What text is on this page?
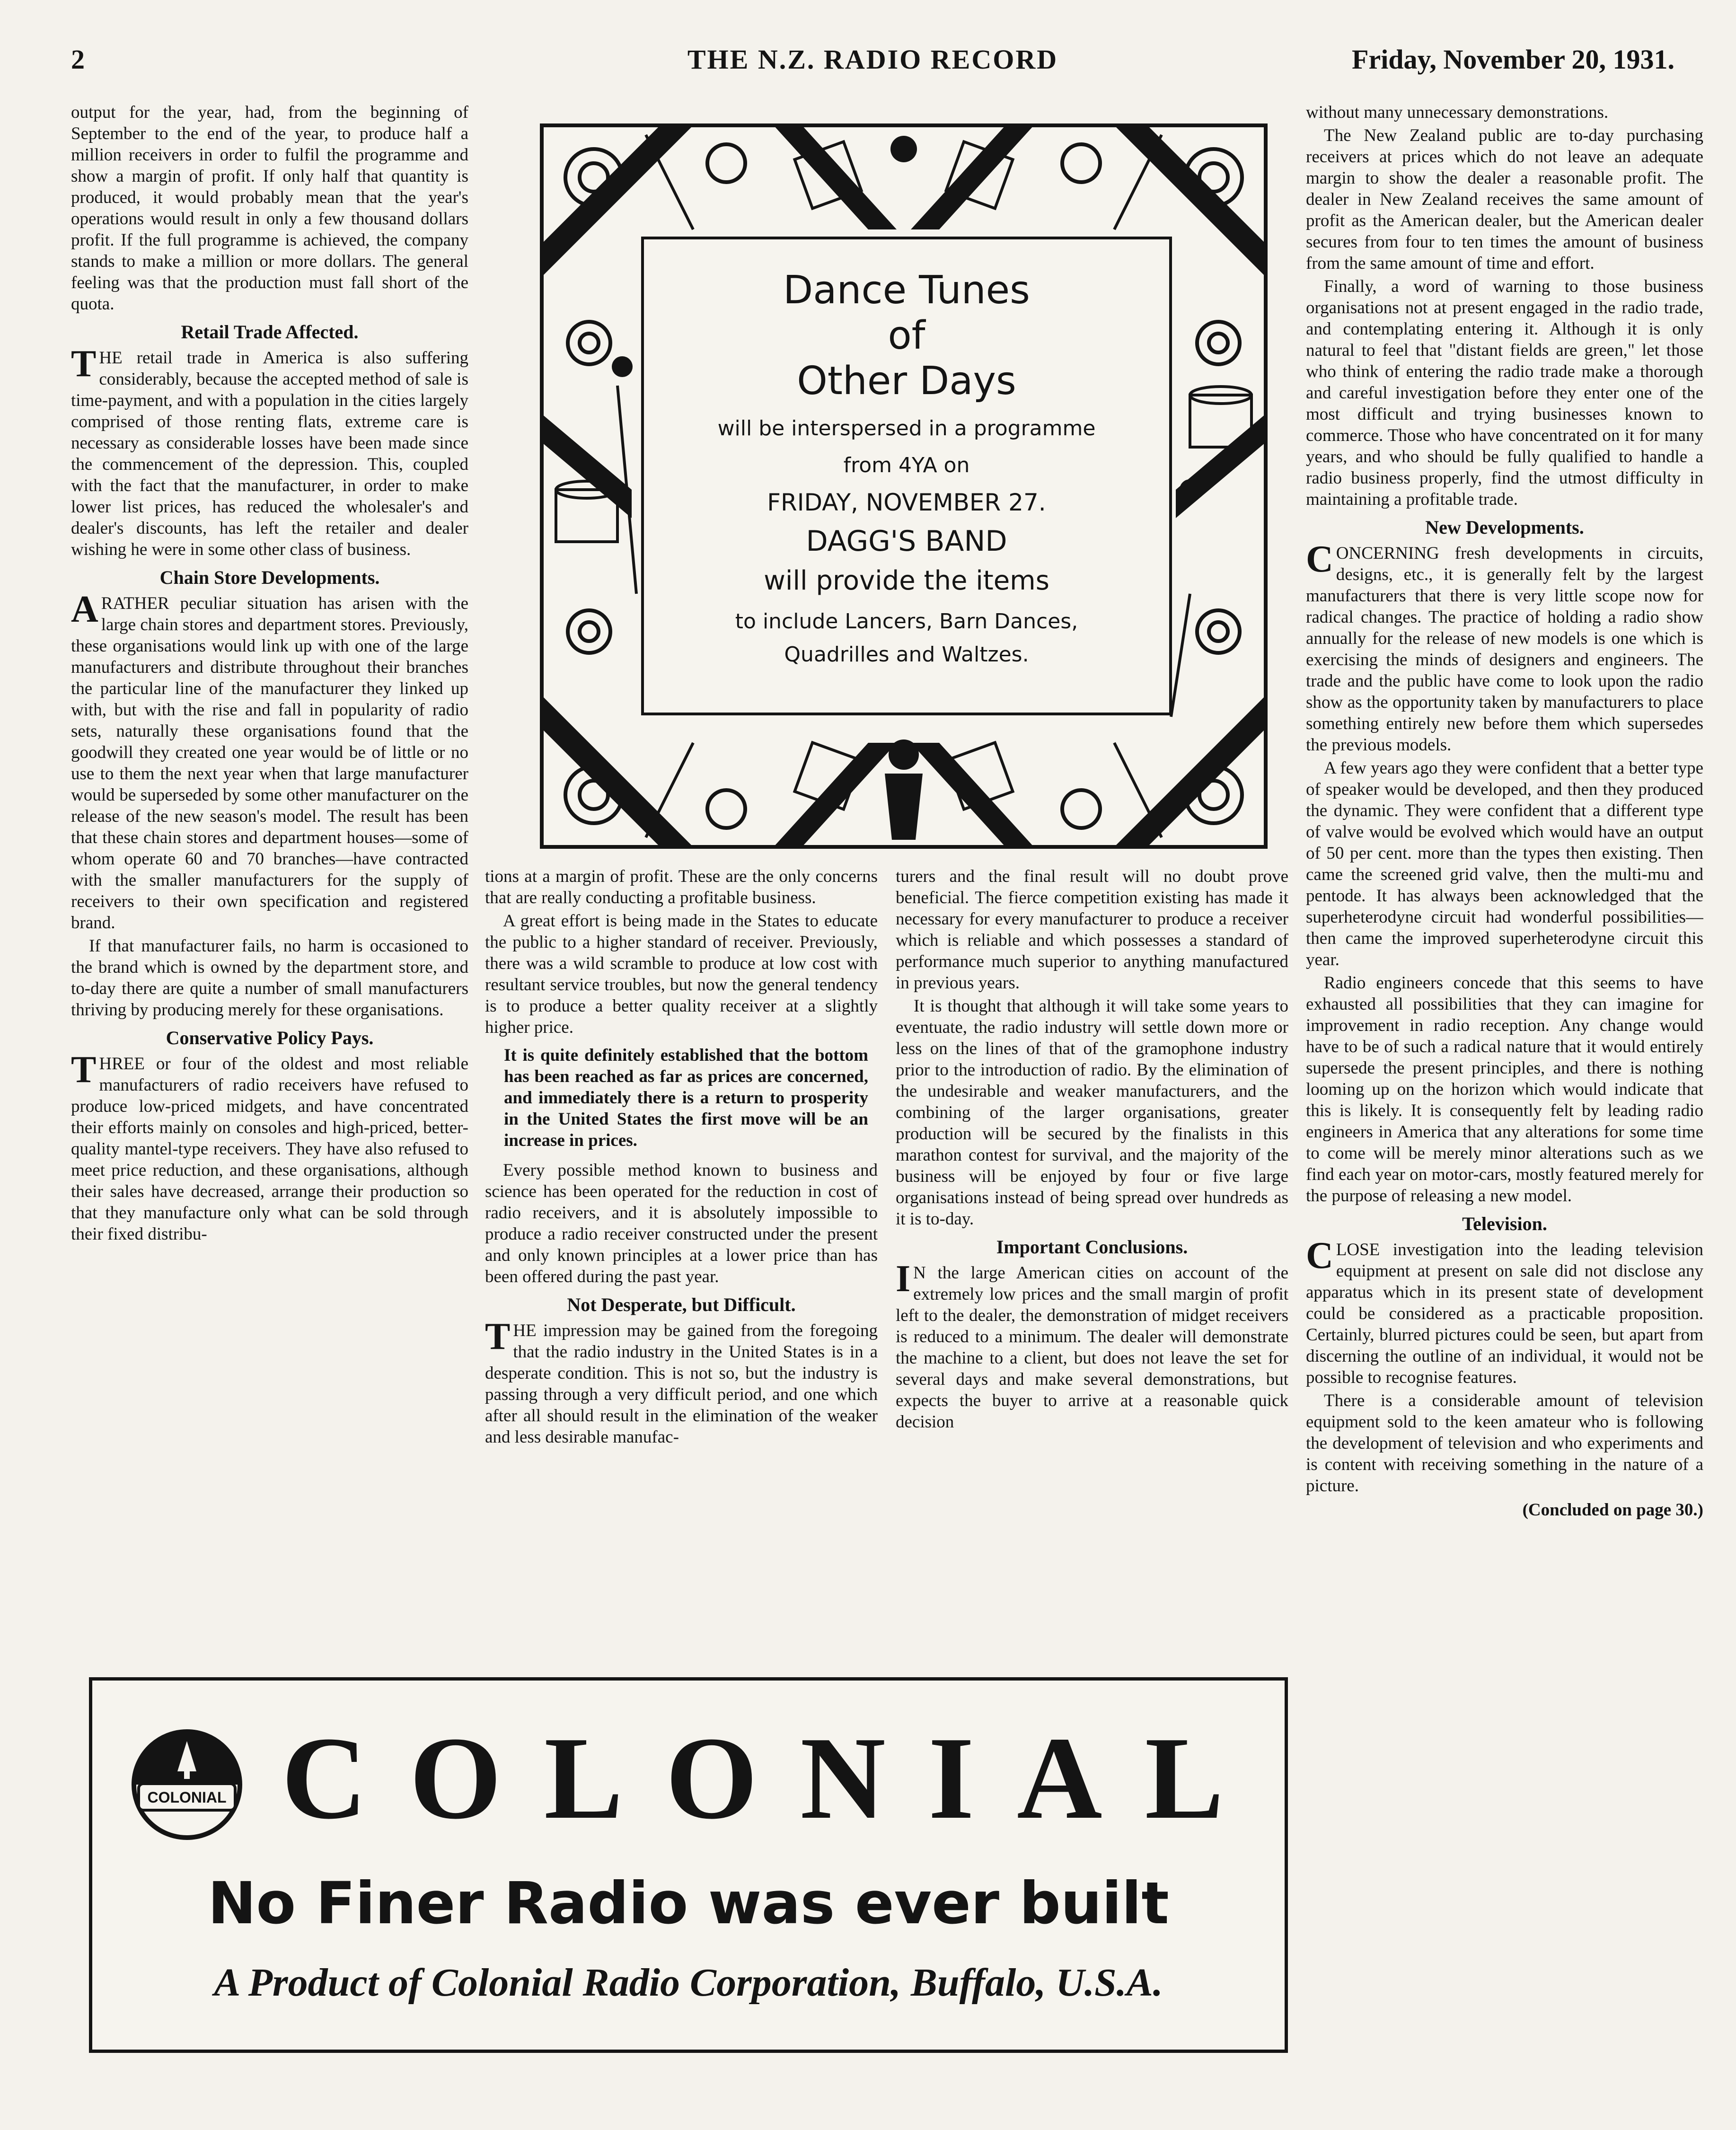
2	THE N.Z. RADIO RECORD	Friday, November 20, 1931.

output for the year, had, from the beginning of September to the end of the year, to produce half a million receivers in order to fulfil the programme and show a margin of profit. If only half that quantity is produced, it would probably mean that the year's operations would result in only a few thousand dollars profit. If the full programme is achieved, the company stands to make a million or more dollars. The general feeling was that the production must fall short of the quota.

Retail Trade Affected.

THE retail trade in America is also suffering considerably, because the accepted method of sale is time-payment, and with a population in the cities largely comprised of those renting flats, extreme care is necessary as considerable losses have been made since the commencement of the depression. This, coupled with the fact that the manufacturer, in order to make lower list prices, has reduced the wholesaler's and dealer's discounts, has left the retailer and dealer wishing he were in some other class of business.

Chain Store Developments.

ARATHER peculiar situation has arisen with the large chain stores and department stores. Previously, these organisations would link up with one of the large manufacturers and distribute throughout their branches the particular line of the manufacturer they linked up with, but with the rise and fall in popularity of radio sets, naturally these organisations found that the goodwill they created one year would be of little or no use to them the next year when that large manufacturer would be superseded by some other manufacturer on the release of the new season's model. The result has been that these chain stores and department houses—some of whom operate 60 and 70 branches—have contracted with the smaller manufacturers for the supply of receivers to their own specification and registered brand.

If that manufacturer fails, no harm is occasioned to the brand which is owned by the department store, and to-day there are quite a number of small manufacturers thriving by producing merely for these organisations.

Conservative Policy Pays.

THREE or four of the oldest and most reliable manufacturers of radio receivers have refused to produce low-priced midgets, and have concentrated their efforts mainly on consoles and high-priced, better-quality mantel-type receivers. They have also refused to meet price reduction, and these organisations, although their sales have decreased, arrange their production so that they manufacture only what can be sold through their fixed distribu-

Dance Tunes
of
Other Days
will be interspersed in a programme
from 4YA on
FRIDAY, NOVEMBER 27.
DAGG'S BAND
will provide the items
to include Lancers, Barn Dances,
Quadrilles and Waltzes.

tions at a margin of profit. These are the only concerns that are really conducting a profitable business.

A great effort is being made in the States to educate the public to a higher standard of receiver. Previously, there was a wild scramble to produce at low cost with resultant service troubles, but now the general tendency is to produce a better quality receiver at a slightly higher price.

It is quite definitely established that the bottom has been reached as far as prices are concerned, and immediately there is a return to prosperity in the United States the first move will be an increase in prices.

Every possible method known to business and science has been operated for the reduction in cost of radio receivers, and it is absolutely impossible to produce a radio receiver constructed under the present and only known principles at a lower price than has been offered during the past year.

Not Desperate, but Difficult.

THE impression may be gained from the foregoing that the radio industry in the United States is in a desperate condition. This is not so, but the industry is passing through a very difficult period, and one which after all should result in the elimination of the weaker and less desirable manufac-

turers and the final result will no doubt prove beneficial. The fierce competition existing has made it necessary for every manufacturer to produce a receiver which is reliable and which possesses a standard of performance much superior to anything manufactured in previous years.

It is thought that although it will take some years to eventuate, the radio industry will settle down more or less on the lines of that of the gramophone industry prior to the introduction of radio. By the elimination of the undesirable and weaker manufacturers, and the combining of the larger organisations, greater production will be secured by the finalists in this marathon contest for survival, and the majority of the business will be enjoyed by four or five large organisations instead of being spread over hundreds as it is to-day.

Important Conclusions.

IN the large American cities on account of the extremely low prices and the small margin of profit left to the dealer, the demonstration of midget receivers is reduced to a minimum. The dealer will demonstrate the machine to a client, but does not leave the set for several days and make several demonstrations, but expects the buyer to arrive at a reasonable quick decision

without many unnecessary demonstrations.

The New Zealand public are to-day purchasing receivers at prices which do not leave an adequate margin to show the dealer a reasonable profit. The dealer in New Zealand receives the same amount of profit as the American dealer, but the American dealer secures from four to ten times the amount of business from the same amount of time and effort.

Finally, a word of warning to those business organisations not at present engaged in the radio trade, and contemplating entering it. Although it is only natural to feel that "distant fields are green," let those who think of entering the radio trade make a thorough and careful investigation before they enter one of the most difficult and trying businesses known to commerce. Those who have concentrated on it for many years, and who should be fully qualified to handle a radio business properly, find the utmost difficulty in maintaining a profitable trade.

New Developments.

CONCERNING fresh developments in circuits, designs, etc., it is generally felt by the largest manufacturers that there is very little scope now for radical changes. The practice of holding a radio show annually for the release of new models is one which is exercising the minds of designers and engineers. The trade and the public have come to look upon the radio show as the opportunity taken by manufacturers to place something entirely new before them which supersedes the previous models.

A few years ago they were confident that a better type of speaker would be developed, and then they produced the dynamic. They were confident that a different type of valve would be evolved which would have an output of 50 per cent. more than the types then existing. Then came the screened grid valve, then the multi-mu and pentode. It has always been acknowledged that the superheterodyne circuit had wonderful possibilities—then came the improved superheterodyne circuit this year.

Radio engineers concede that this seems to have exhausted all possibilities that they can imagine for improvement in radio reception. Any change would have to be of such a radical nature that it would entirely supersede the present principles, and there is nothing looming up on the horizon which would indicate that this is likely. It is consequently felt by leading radio engineers in America that any alterations for some time to come will be merely minor alterations such as we find each year on motor-cars, mostly featured merely for the purpose of releasing a new model.

Television.

CLOSE investigation into the leading television equipment at present on sale did not disclose any apparatus which in its present state of development could be considered as a practicable proposition. Certainly, blurred pictures could be seen, but apart from discerning the outline of an individual, it would not be possible to recognise features.

There is a considerable amount of television equipment sold to the keen amateur who is following the development of television and who experiments and is content with receiving something in the nature of a picture.

(Concluded on page 30.)
COLONIAL COLONIAL
No Finer Radio was ever built
A Product of Colonial Radio Corporation, Buffalo, U.S.A.
